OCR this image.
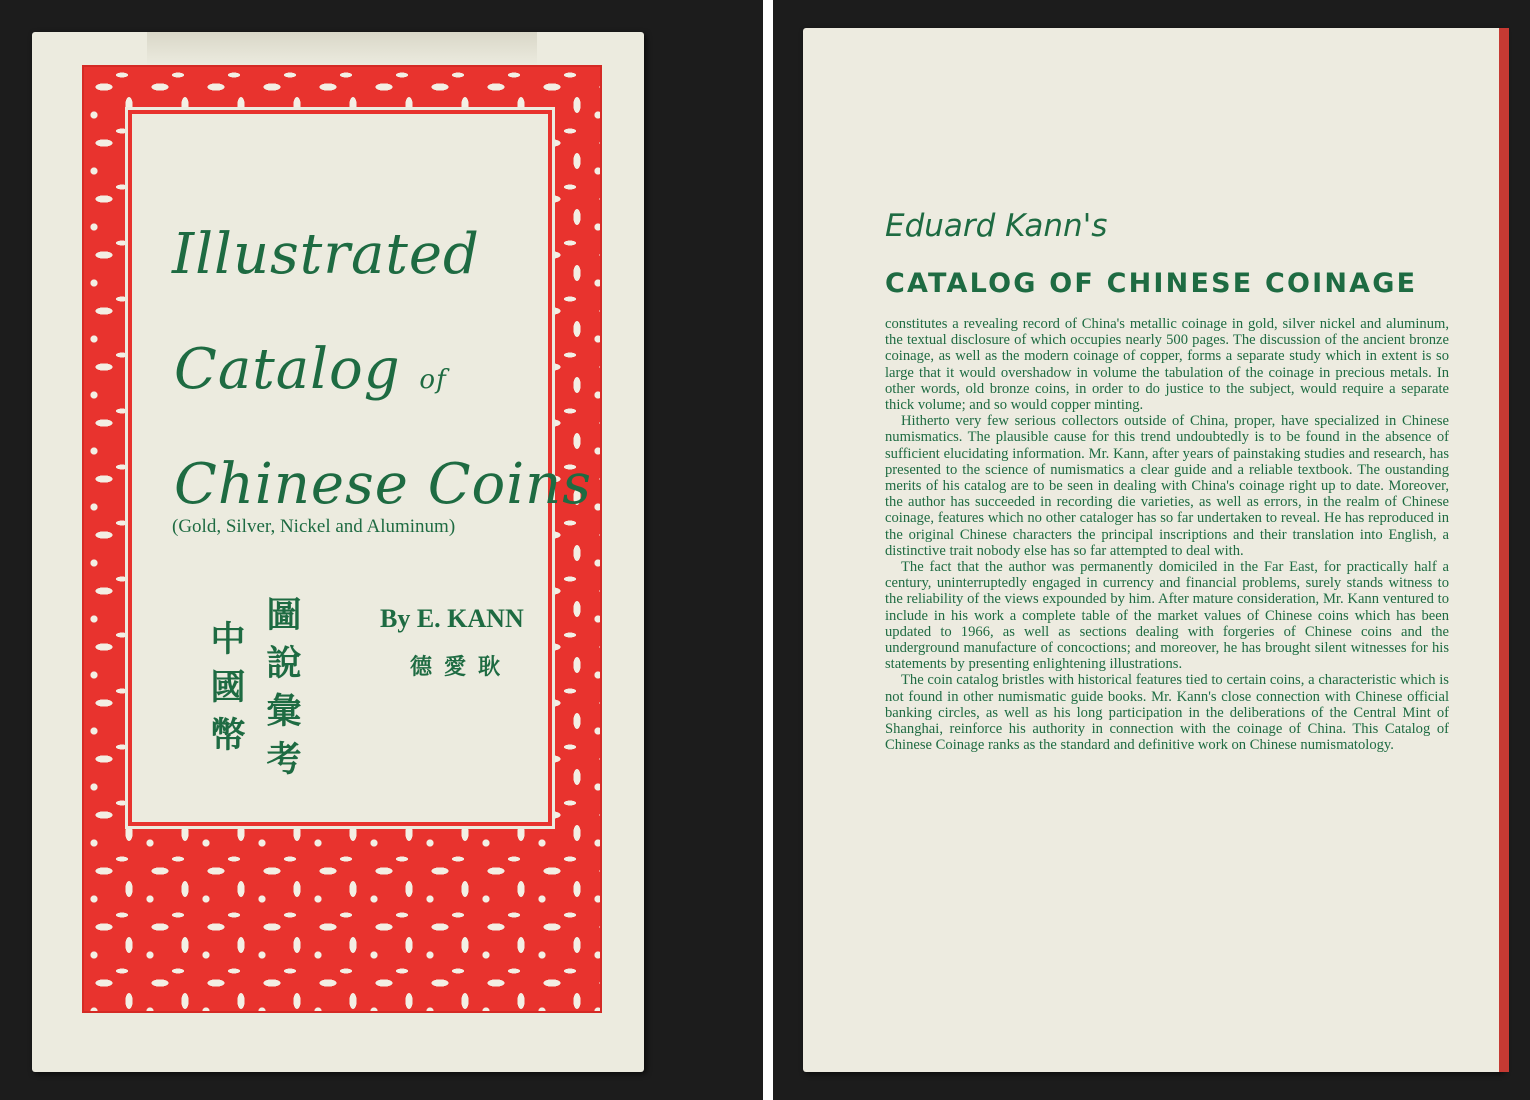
Illustrated
Catalog of
Chinese Coins
(Gold, Silver, Nickel and Aluminum)
中國幣
圖說彙考
By E. KANN
德愛耿
Eduard Kann's
CATALOG OF CHINESE COINAGE

constitutes a revealing record of China's metallic coinage in gold, silver nickel and aluminum, the textual disclosure of which occupies nearly 500 pages. The discussion of the ancient bronze coinage, as well as the modern coinage of copper, forms a separate study which in extent is so large that it would overshadow in volume the tabulation of the coinage in precious metals. In other words, old bronze coins, in order to do justice to the subject, would require a separate thick volume; and so would copper minting.

Hitherto very few serious collectors outside of China, proper, have specialized in Chinese numismatics. The plausible cause for this trend undoubtedly is to be found in the absence of sufficient elucidating information. Mr. Kann, after years of painstaking studies and research, has presented to the science of numismatics a clear guide and a reliable textbook. The oustanding merits of his catalog are to be seen in dealing with China's coinage right up to date. Moreover, the author has succeeded in recording die varieties, as well as errors, in the realm of Chinese coinage, features which no other cataloger has so far undertaken to reveal. He has reproduced in the original Chinese characters the principal inscriptions and their translation into English, a distinctive trait nobody else has so far attempted to deal with.

The fact that the author was permanently domiciled in the Far East, for practically half a century, uninterruptedly engaged in currency and financial problems, surely stands witness to the reliability of the views expounded by him. After mature consideration, Mr. Kann ventured to include in his work a complete table of the market values of Chinese coins which has been updated to 1966, as well as sections dealing with forgeries of Chinese coins and the underground manufacture of concoctions; and moreover, he has brought silent witnesses for his statements by presenting enlightening illustrations.

The coin catalog bristles with historical features tied to certain coins, a characteristic which is not found in other numismatic guide books. Mr. Kann's close connection with Chinese official banking circles, as well as his long participation in the deliberations of the Central Mint of Shanghai, reinforce his authority in connection with the coinage of China. This Catalog of Chinese Coinage ranks as the standard and definitive work on Chinese numismatology.
